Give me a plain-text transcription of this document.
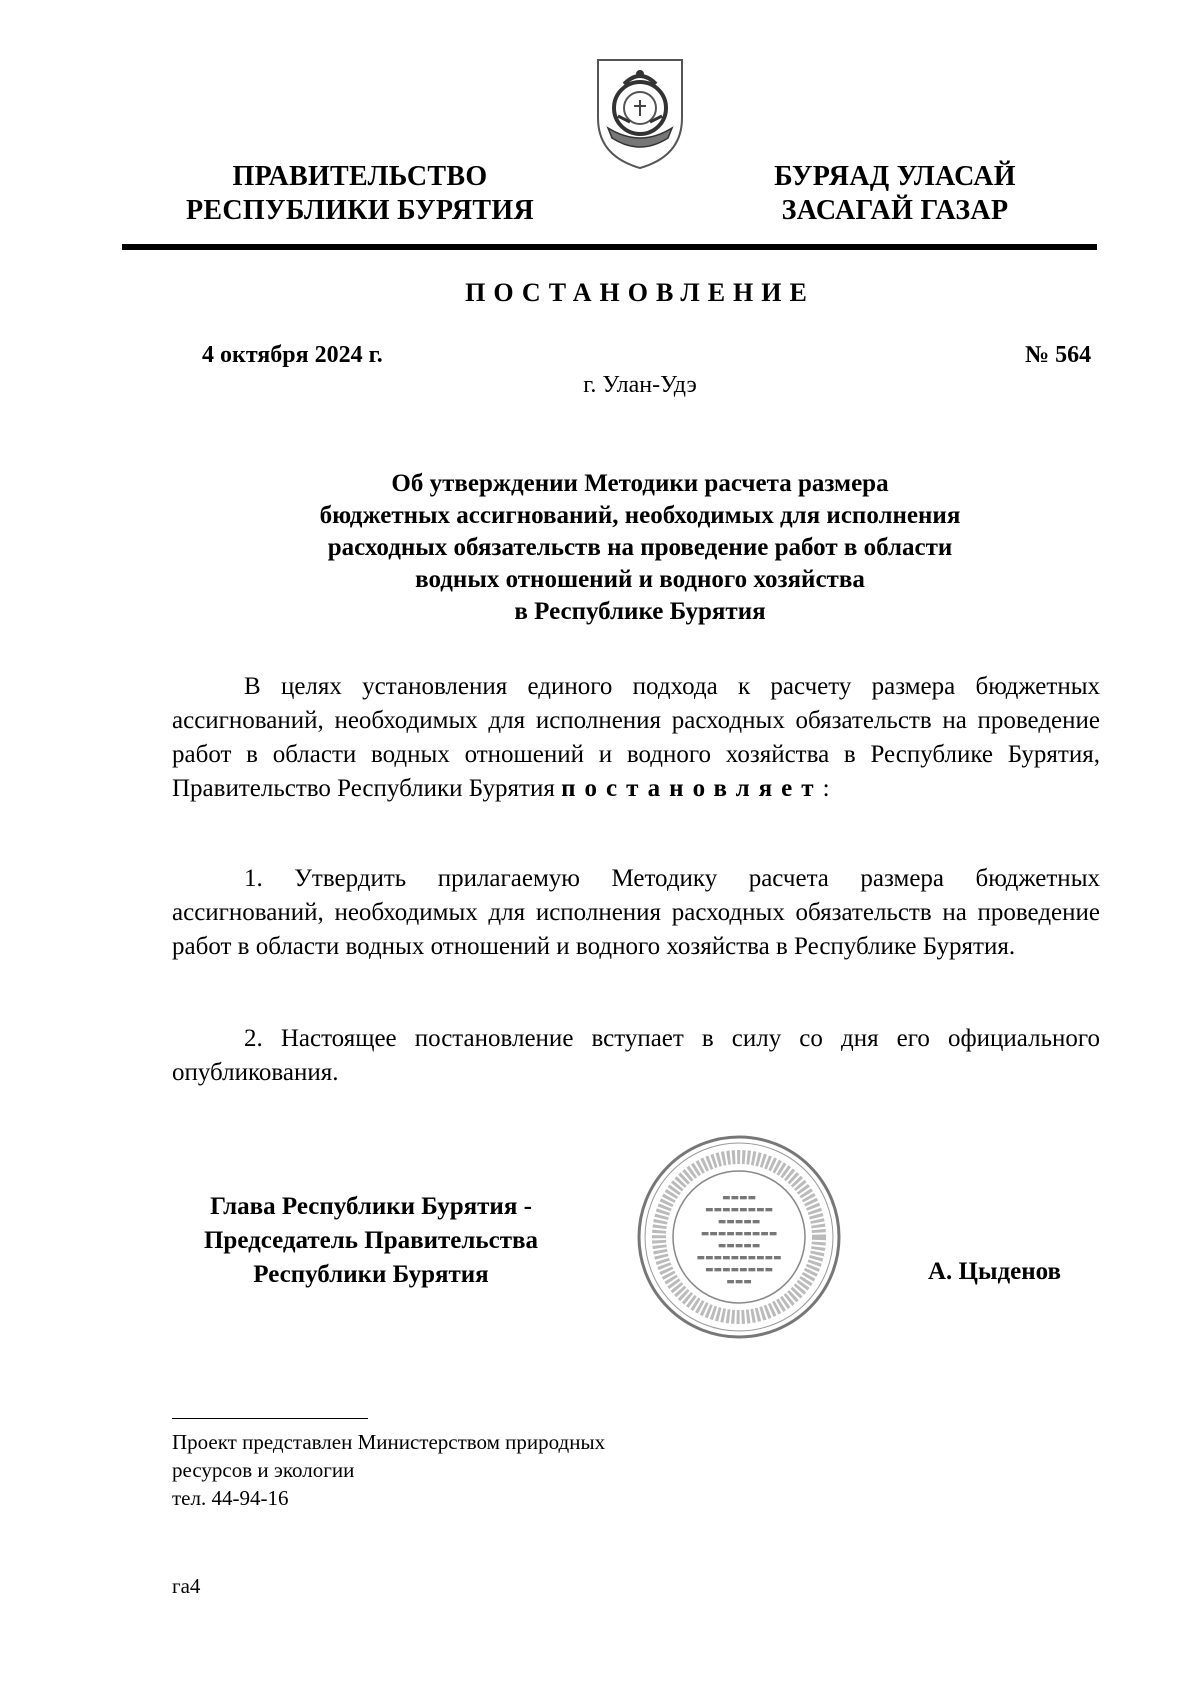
ПРАВИТЕЛЬСТВО
РЕСПУБЛИКИ БУРЯТИЯ
БУРЯАД УЛАСАЙ
ЗАСАГАЙ ГАЗАР
ПОСТАНОВЛЕНИЕ
4 октября 2024 г.	№ 564
г. Улан-Удэ
Об утверждении Методики расчета размера
бюджетных ассигнований, необходимых для исполнения
расходных обязательств на проведение работ в области
водных отношений и водного хозяйства
в Республике Бурятия
В целях установления единого подхода к расчету размера бюджетных ассигнований, необходимых для исполнения расходных обязательств на проведение работ в области водных отношений и водного хозяйства в Республике Бурятия, Правительство Республики Бурятия постановляет:
1. Утвердить прилагаемую Методику расчета размера бюджетных ассигнований, необходимых для исполнения расходных обязательств на проведение работ в области водных отношений и водного хозяйства в Республике Бурятия.
2. Настоящее постановление вступает в силу со дня его официального опубликования.
Глава Республики Бурятия -
Председатель Правительства
Республики Бурятия
▬▬▬▬
▬▬▬▬▬▬▬▬
▬▬▬▬▬
▬▬▬▬▬▬▬▬▬
▬▬▬▬▬
▬▬▬▬▬▬▬▬▬▬
▬▬▬▬▬▬▬▬
▬▬▬	А. Цыденов
Проект представлен Министерством природных
ресурсов и экологии
тел. 44-94-16
га4
